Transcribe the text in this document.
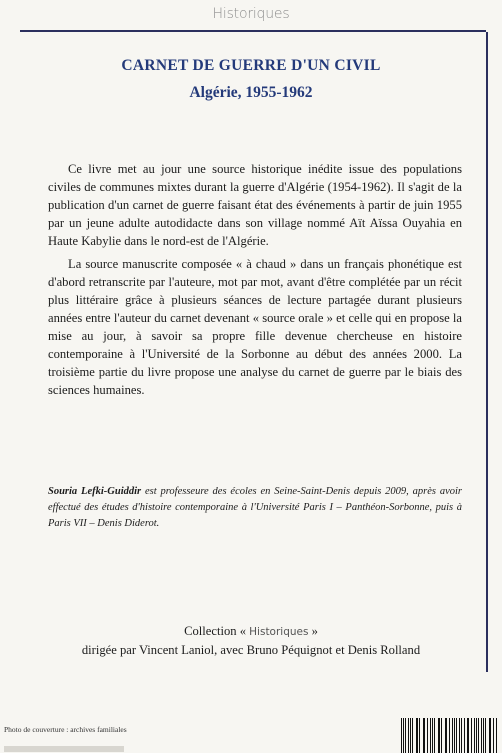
Historiques
CARNET DE GUERRE D'UN CIVIL
Algérie, 1955-1962

Ce livre met au jour une source historique inédite issue des populations civiles de communes mixtes durant la guerre d'Algérie (1954-1962). Il s'agit de la publication d'un carnet de guerre faisant état des événements à partir de juin 1955 par un jeune adulte autodidacte dans son village nommé Aït Aïssa Ouyahia en Haute Kabylie dans le nord-est de l'Algérie.

La source manuscrite composée « à chaud » dans un français phonétique est d'abord retranscrite par l'auteure, mot par mot, avant d'être complétée par un récit plus littéraire grâce à plusieurs séances de lecture partagée durant plusieurs années entre l'auteur du carnet devenant « source orale » et celle qui en propose la mise au jour, à savoir sa propre fille devenue chercheuse en histoire contemporaine à l'Université de la Sorbonne au début des années 2000. La troisième partie du livre propose une analyse du carnet de guerre par le biais des sciences humaines.

Souria Lefki-Guiddir est professeure des écoles en Seine-Saint-Denis depuis 2009, après avoir effectué des études d'histoire contemporaine à l'Université Paris I – Panthéon-Sorbonne, puis à Paris VII – Denis Diderot.
Collection « Historiques »
dirigée par Vincent Laniol, avec Bruno Péquignot et Denis Rolland
Photo de couverture : archives familiales
